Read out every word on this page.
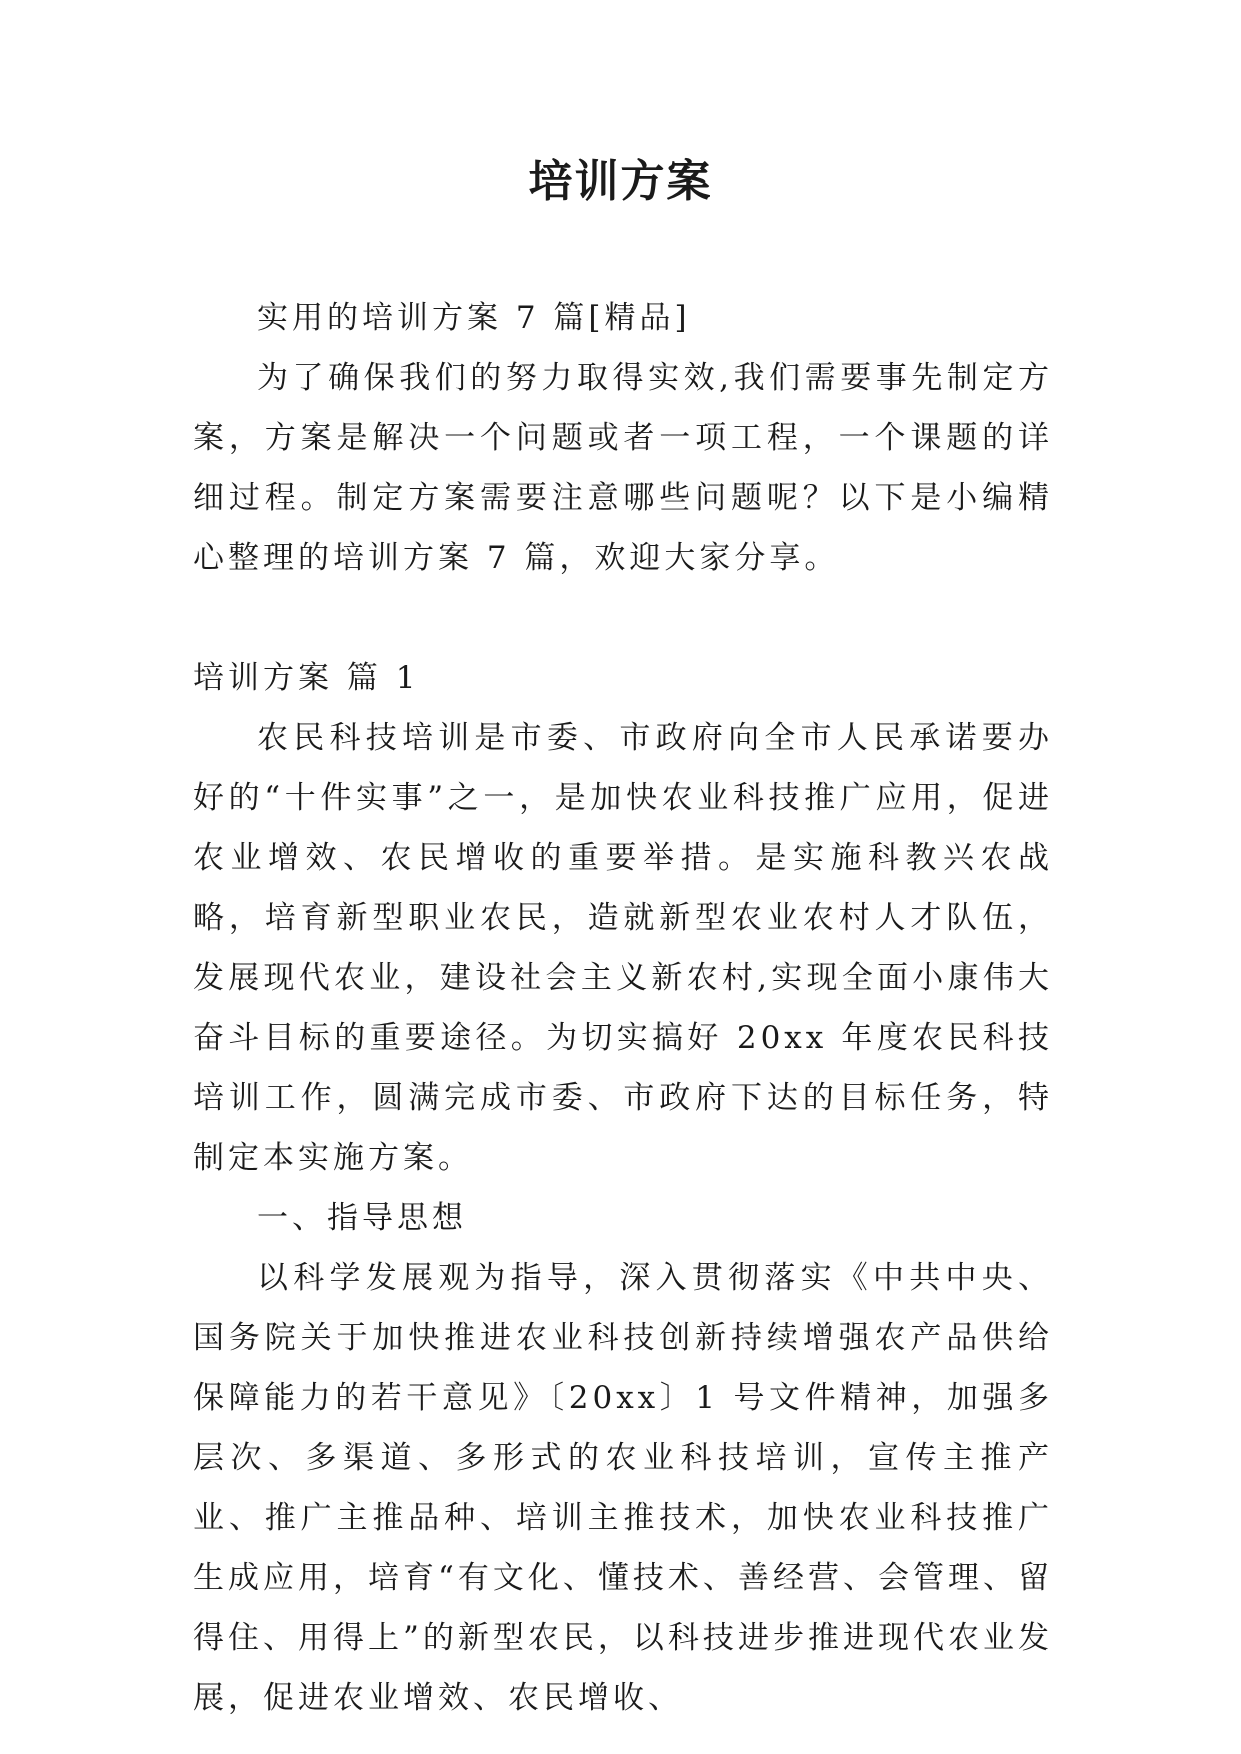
培训方案

实用的培训方案 7 篇[精品]

为了确保我们的努力取得实效,我们需要事先制定方案，方案是解决一个问题或者一项工程，一个课题的详细过程。制定方案需要注意哪些问题呢？以下是小编精心整理的培训方案 7 篇，欢迎大家分享。

培训方案 篇 1

农民科技培训是市委、市政府向全市人民承诺要办好的“十件实事”之一，是加快农业科技推广应用，促进农业增效、农民增收的重要举措。是实施科教兴农战略，培育新型职业农民，造就新型农业农村人才队伍，发展现代农业，建设社会主义新农村,实现全面小康伟大奋斗目标的重要途径。为切实搞好 20xx 年度农民科技培训工作，圆满完成市委、市政府下达的目标任务，特制定本实施方案。

一、指导思想

以科学发展观为指导，深入贯彻落实《中共中央、国务院关于加快推进农业科技创新持续增强农产品供给保障能力的若干意见》〔20xx〕1 号文件精神，加强多层次、多渠道、多形式的农业科技培训，宣传主推产业、推广主推品种、培训主推技术，加快农业科技推广生成应用，培育“有文化、懂技术、善经营、会管理、留得住、用得上”的新型农民，以科技进步推进现代农业发展，促进农业增效、农民增收、
